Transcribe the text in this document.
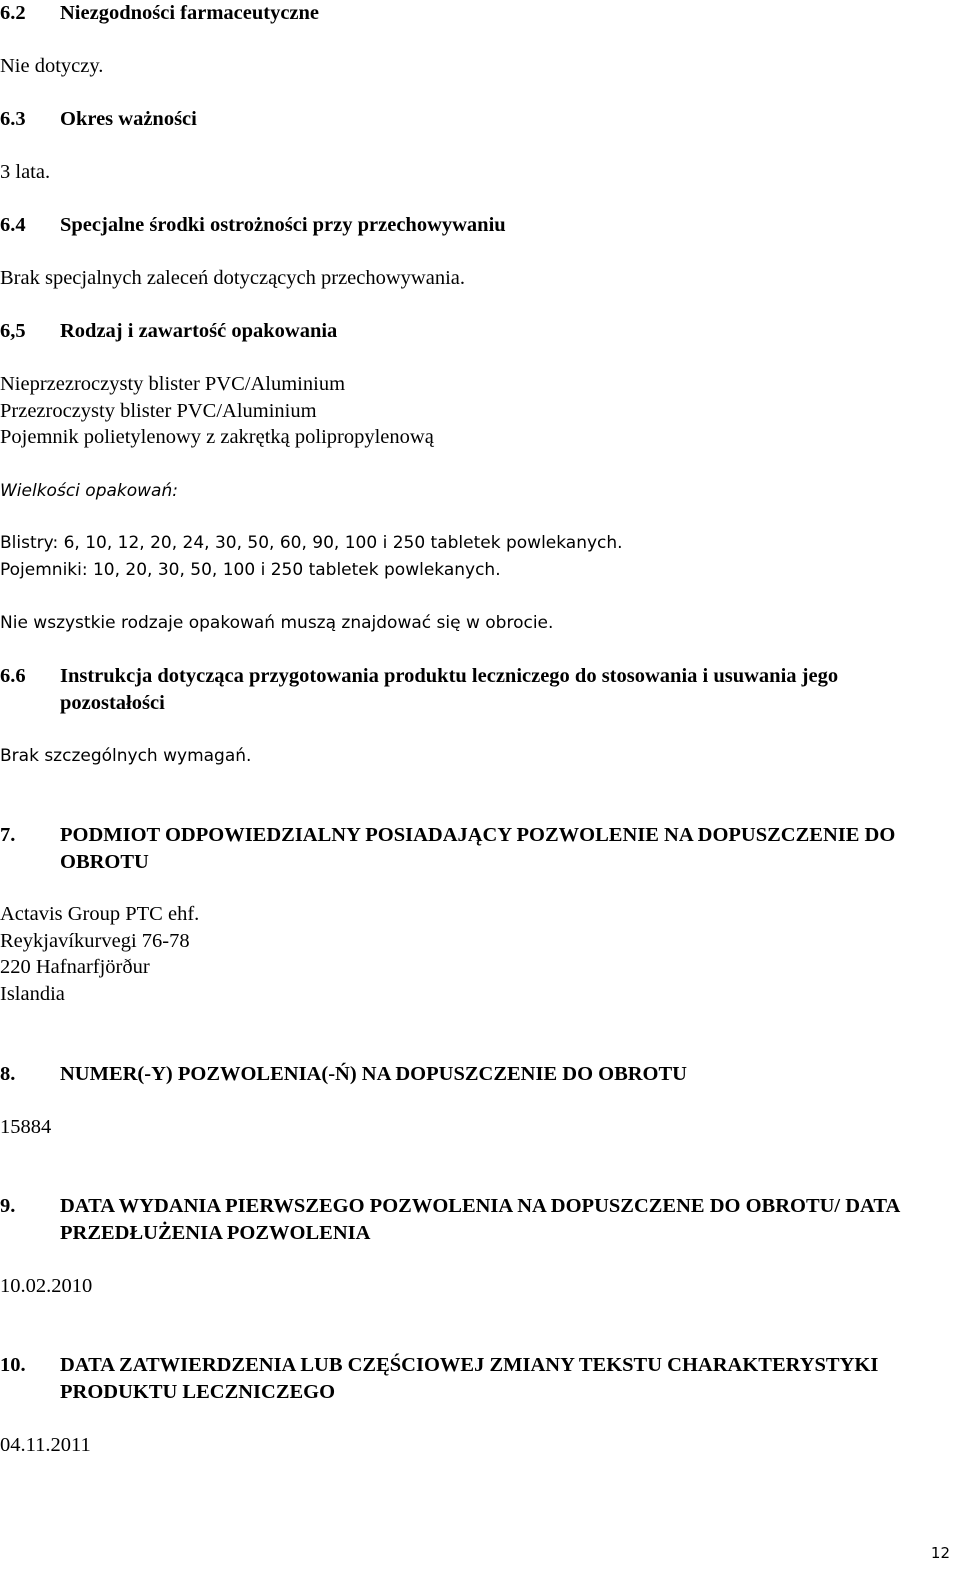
6.2 Niezgodności farmaceutyczne
Nie dotyczy.
6.3 Okres ważności
3 lata.
6.4 Specjalne środki ostrożności przy przechowywaniu
Brak specjalnych zaleceń dotyczących przechowywania.
6,5 Rodzaj i zawartość opakowania
Nieprzezroczysty blister PVC/Aluminium
Przezroczysty blister PVC/Aluminium
Pojemnik polietylenowy z zakrętką polipropylenową
Wielkości opakowań:
Blistry: 6, 10, 12, 20, 24, 30, 50, 60, 90, 100 i 250 tabletek powlekanych.
Pojemniki: 10, 20, 30, 50, 100 i 250 tabletek powlekanych.
Nie wszystkie rodzaje opakowań muszą znajdować się w obrocie.
6.6 Instrukcja dotycząca przygotowania produktu leczniczego do stosowania i usuwania jego pozostałości
Brak szczególnych wymagań.
7. PODMIOT ODPOWIEDZIALNY POSIADAJĄCY POZWOLENIE NA DOPUSZCZENIE DO OBROTU
Actavis Group PTC ehf.
Reykjavíkurvegi 76-78
220 Hafnarfjörður
Islandia
8. NUMER(-Y) POZWOLENIA(-Ń) NA DOPUSZCZENIE DO OBROTU
15884
9. DATA WYDANIA PIERWSZEGO POZWOLENIA NA DOPUSZCZENE DO OBROTU/ DATA PRZEDŁUŻENIA POZWOLENIA
10.02.2010
10. DATA ZATWIERDZENIA LUB CZĘŚCIOWEJ ZMIANY TEKSTU CHARAKTERYSTYKI PRODUKTU LECZNICZEGO
04.11.2011
12
